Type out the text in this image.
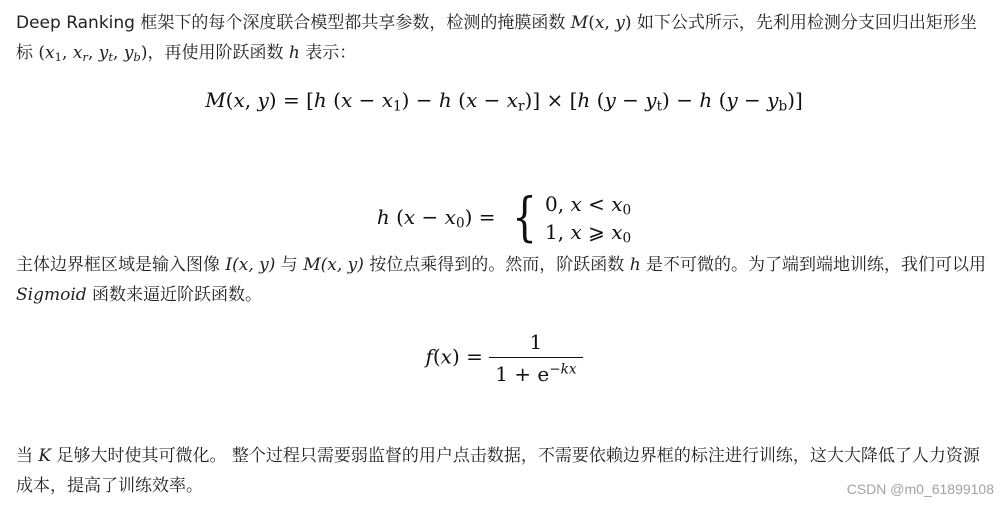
Deep Ranking 框架下的每个深度联合模型都共享参数，检测的掩膜函数 M(x, y) 如下公式所示，先利用检测分支回归出矩形坐标 ($x_1$, $x_r$, $y_t$, $y_b$)，再使用阶跃函数 h 表示：
M(x, y) = [h $(x - x_1) - h$ $(x - x_r)] \times [h$ $(y - y_t) - h$ $(y - y_b)$]
h $(x - x_0)$ = { 0, $x < x_0$
1, x ⩾ $x_0$
主体边界框区域是输入图像 I(x, y) 与 M(x, y) 按位点乘得到的。然而，阶跃函数 h 是不可微的。为了端到端地训练，我们可以用 Sigmoid 函数来逼近阶跃函数。
$f(x) = \frac{1}{1 + e^{-kx}}$
当 K 足够大时使其可微化。 整个过程只需要弱监督的用户点击数据，不需要依赖边界框的标注进行训练，这大大降低了人力资源成本，提高了训练效率。	CSDN @m0_61899108
